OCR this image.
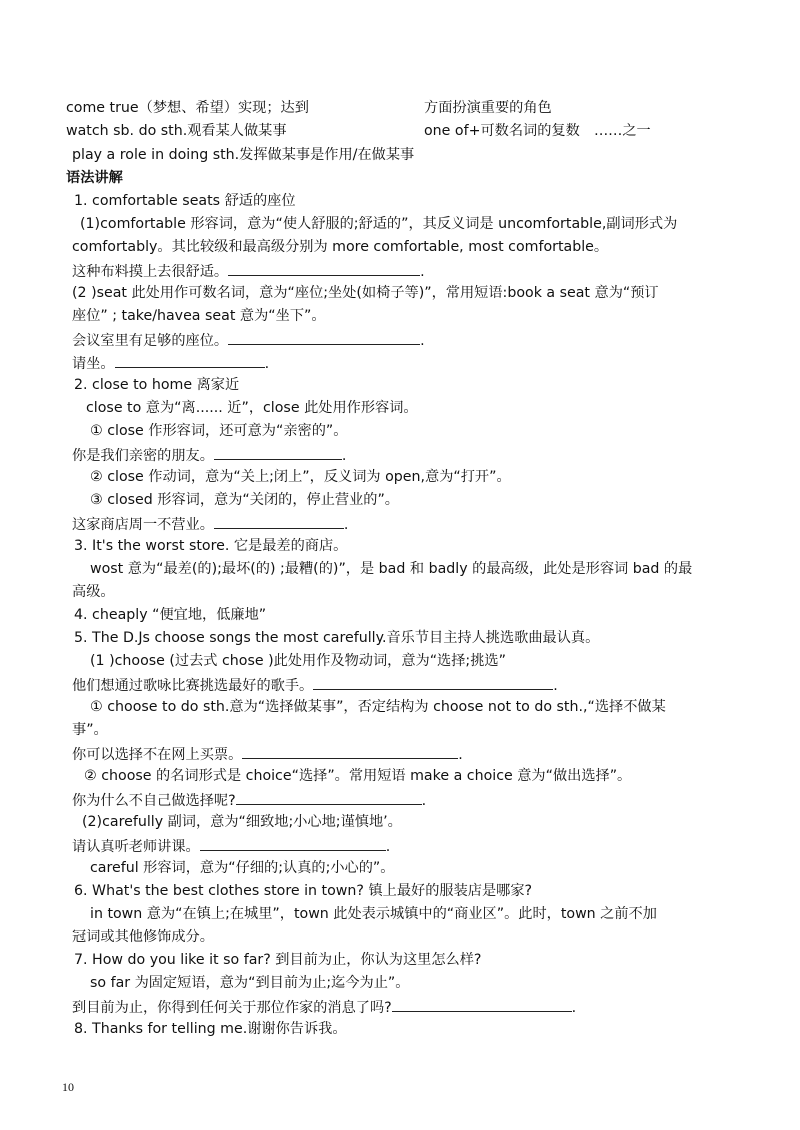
come true（梦想、希望）实现；达到	方面扮演重要的角色
watch sb. do sth.观看某人做某事	one of+可数名词的复数　……之一
play a role in doing sth.发挥做某事是作用/在做某事
语法讲解
1. comfortable seats 舒适的座位
(1)comfortable 形容词，意为“使人舒服的;舒适的”，其反义词是 uncomfortable,副词形式为
comfortably。其比较级和最高级分别为 more comfortable, most comfortable。
这种布料摸上去很舒适。	.
(2 )seat 此处用作可数名词，意为“座位;坐处(如椅子等)”，常用短语:book a seat 意为“预订
座位” ; take/havea seat 意为“坐下”。
会议室里有足够的座位。	.
请坐。	.
2. close to home 离家近
close to 意为“离...... 近”，close 此处用作形容词。
① close 作形容词，还可意为“亲密的”。
你是我们亲密的朋友。	.
② close 作动词，意为“关上;闭上”，反义词为 open,意为“打开”。
③ closed 形容词，意为“关闭的，停止营业的”。
这家商店周一不营业。	.
3. It's the worst store. 它是最差的商店。
wost 意为“最差(的);最坏(的) ;最糟(的)”，是 bad 和 badly 的最高级，此处是形容词 bad 的最
高级。
4. cheaply “便宜地，低廉地”
5. The D.Js choose songs the most carefully.音乐节目主持人挑选歌曲最认真。
(1 )choose (过去式 chose )此处用作及物动词，意为“选择;挑选”
他们想通过歌咏比赛挑选最好的歌手。	.
① choose to do sth.意为“选择做某事”，否定结构为 choose not to do sth.,“选择不做某
事”。
你可以选择不在网上买票。	.
② choose 的名词形式是 choice“选择”。常用短语 make a choice 意为“做出选择”。
你为什么不自己做选择呢?	.
(2)carefully 副词，意为“细致地;小心地;谨慎地’。
请认真听老师讲课。	.
careful 形容词，意为“仔细的;认真的;小心的”。
6. What's the best clothes store in town? 镇上最好的服装店是哪家?
in town 意为“在镇上;在城里”，town 此处表示城镇中的“商业区”。此时，town 之前不加
冠词或其他修饰成分。
7. How do you like it so far? 到目前为止，你认为这里怎么样?
so far 为固定短语，意为“到目前为止;迄今为止”。
到目前为止，你得到任何关于那位作家的消息了吗?	.
8. Thanks for telling me.谢谢你告诉我。
10
